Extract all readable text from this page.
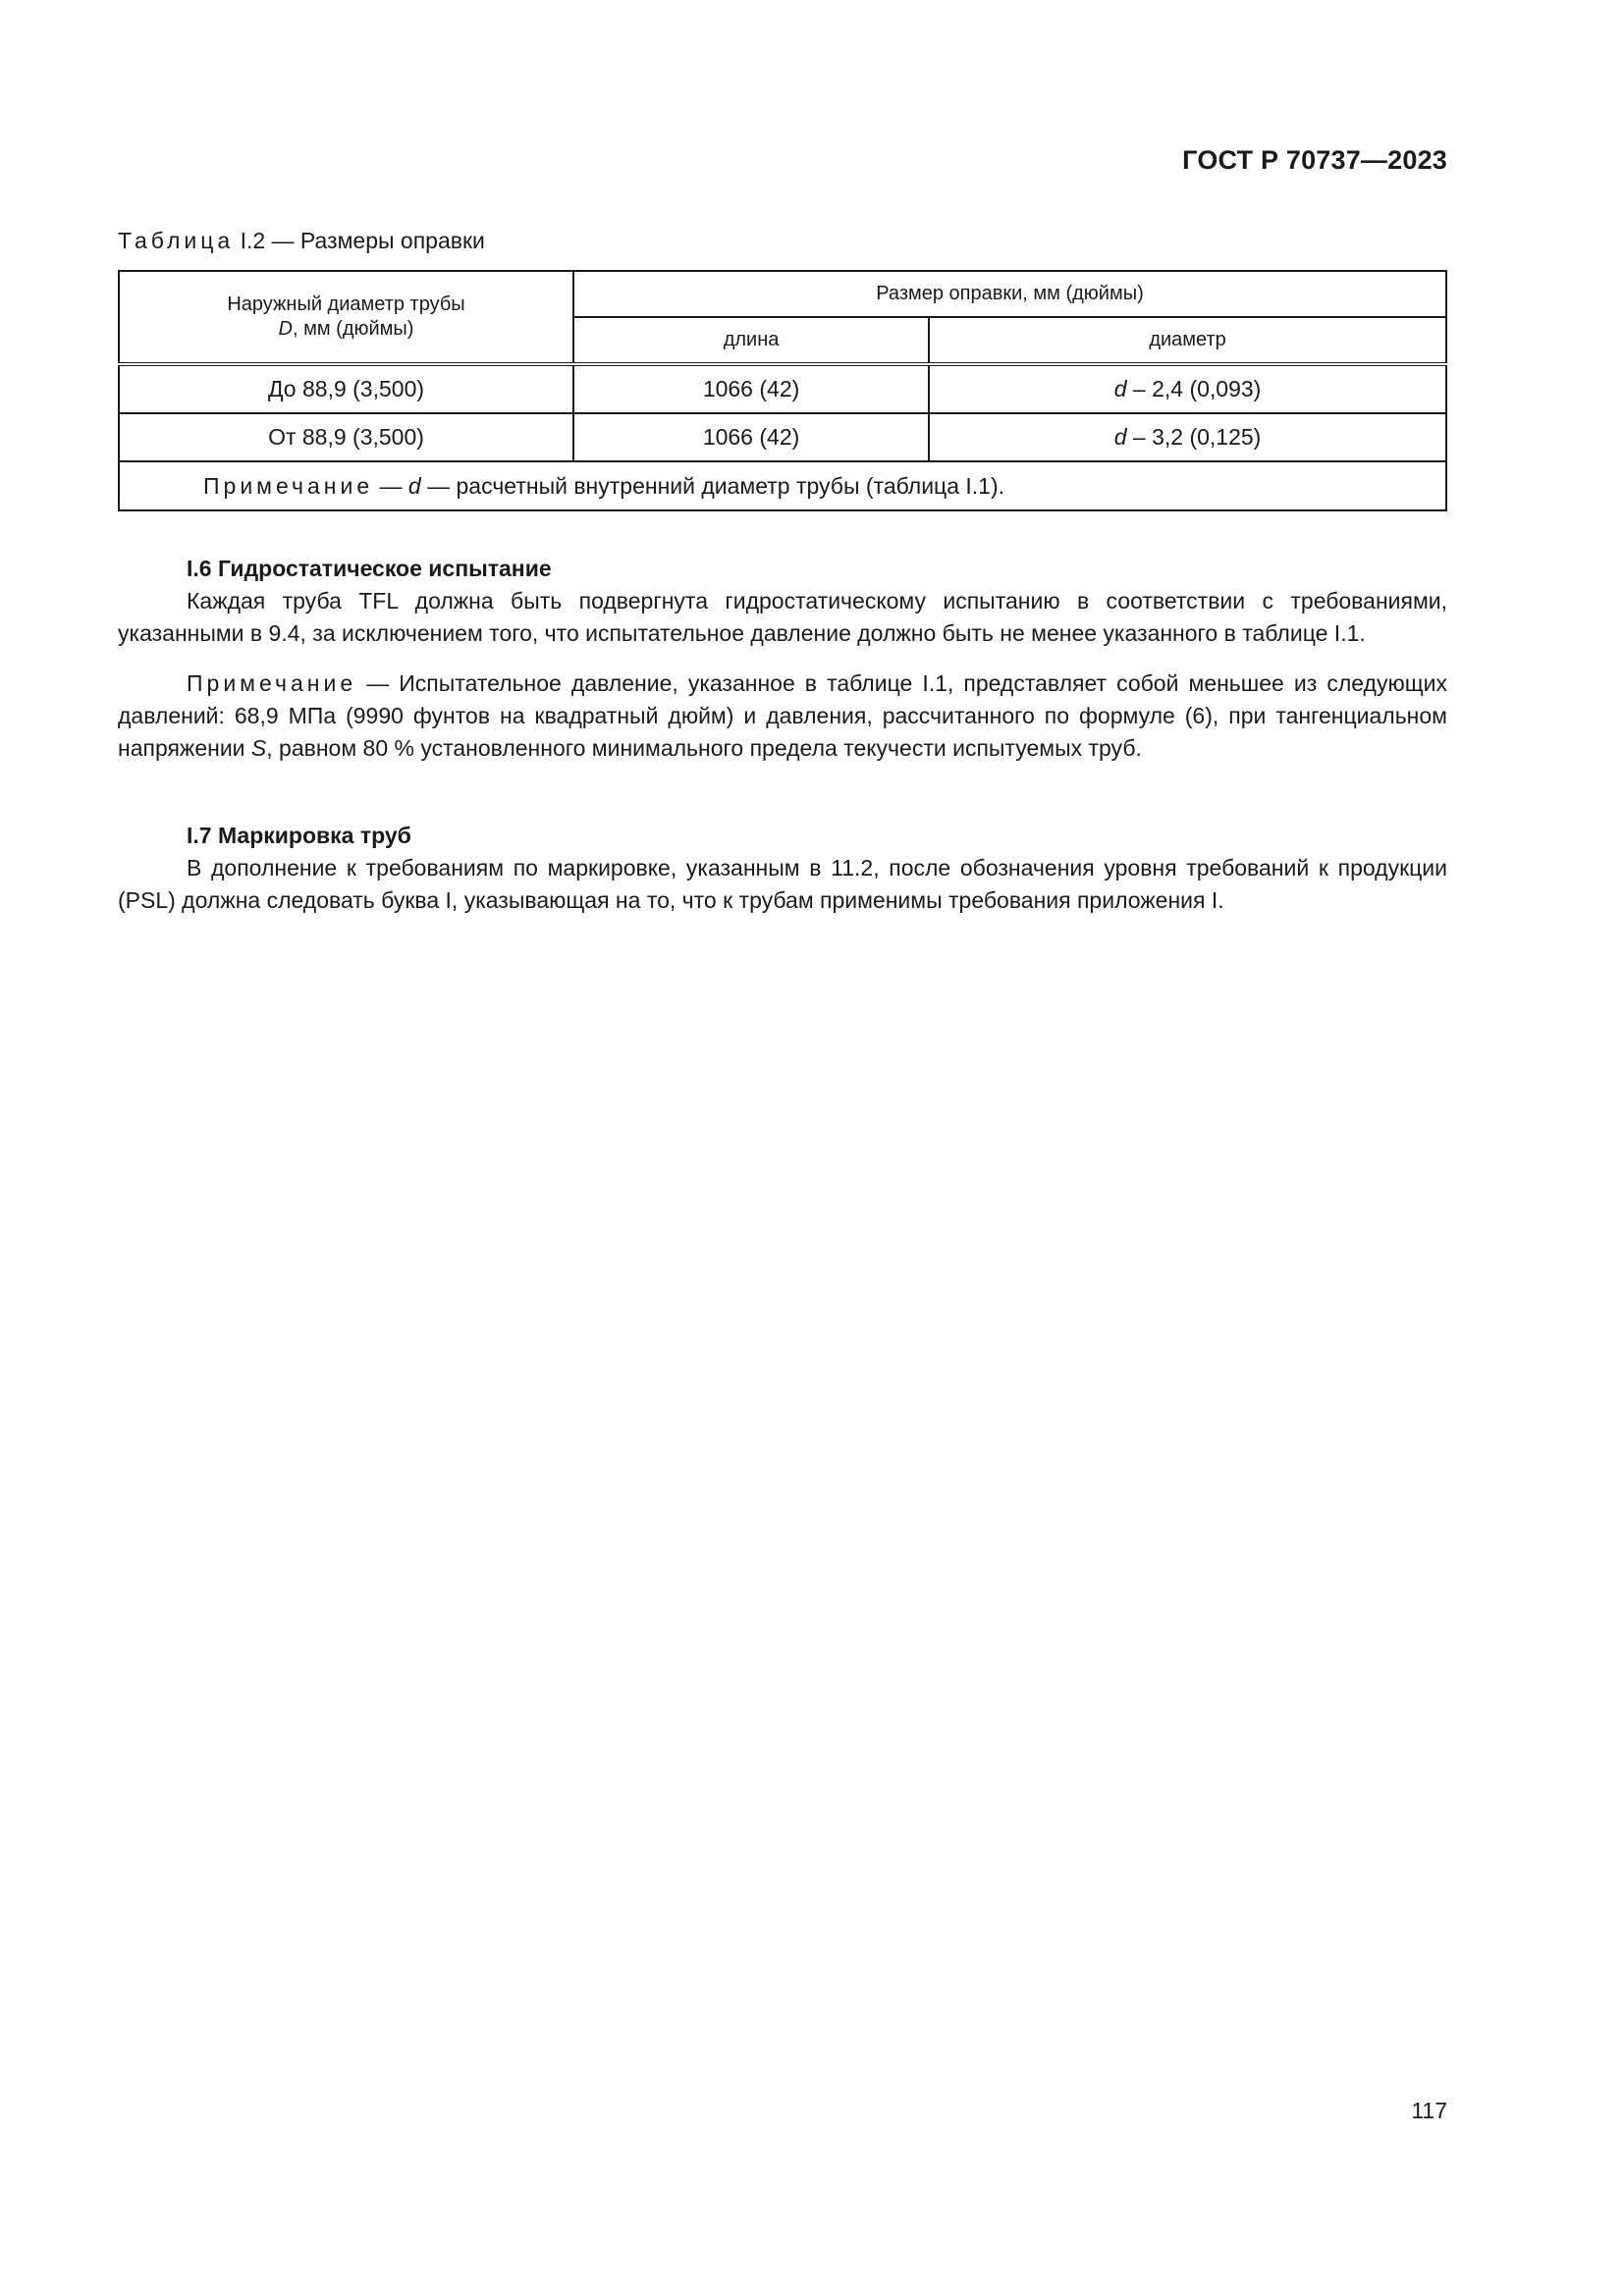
ГОСТ Р 70737—2023
Таблица I.2 — Размеры оправки
Наружный диаметр трубы
D, мм (дюймы)	Размер оправки, мм (дюймы)	
	длина	диаметр
До 88,9 (3,500)	1066 (42)	d – 2,4 (0,093)
От 88,9 (3,500)	1066 (42)	d – 3,2 (0,125)
Примечание — d — расчетный внутренний диаметр трубы (таблица I.1).		
I.6 Гидростатическое испытание

Каждая труба TFL должна быть подвергнута гидростатическому испытанию в соответствии с требованиями, указанными в 9.4, за исключением того, что испытательное давление должно быть не менее указанного в таблице I.1.

Примечание — Испытательное давление, указанное в таблице I.1, представляет собой меньшее из следующих давлений: 68,9 МПа (9990 фунтов на квадратный дюйм) и давления, рассчитанного по формуле (6), при тангенциальном напряжении S, равном 80 % установленного минимального предела текучести испытуемых труб.

I.7 Маркировка труб

В дополнение к требованиям по маркировке, указанным в 11.2, после обозначения уровня требований к продукции (PSL) должна следовать буква I, указывающая на то, что к трубам применимы требования приложения I.

117
